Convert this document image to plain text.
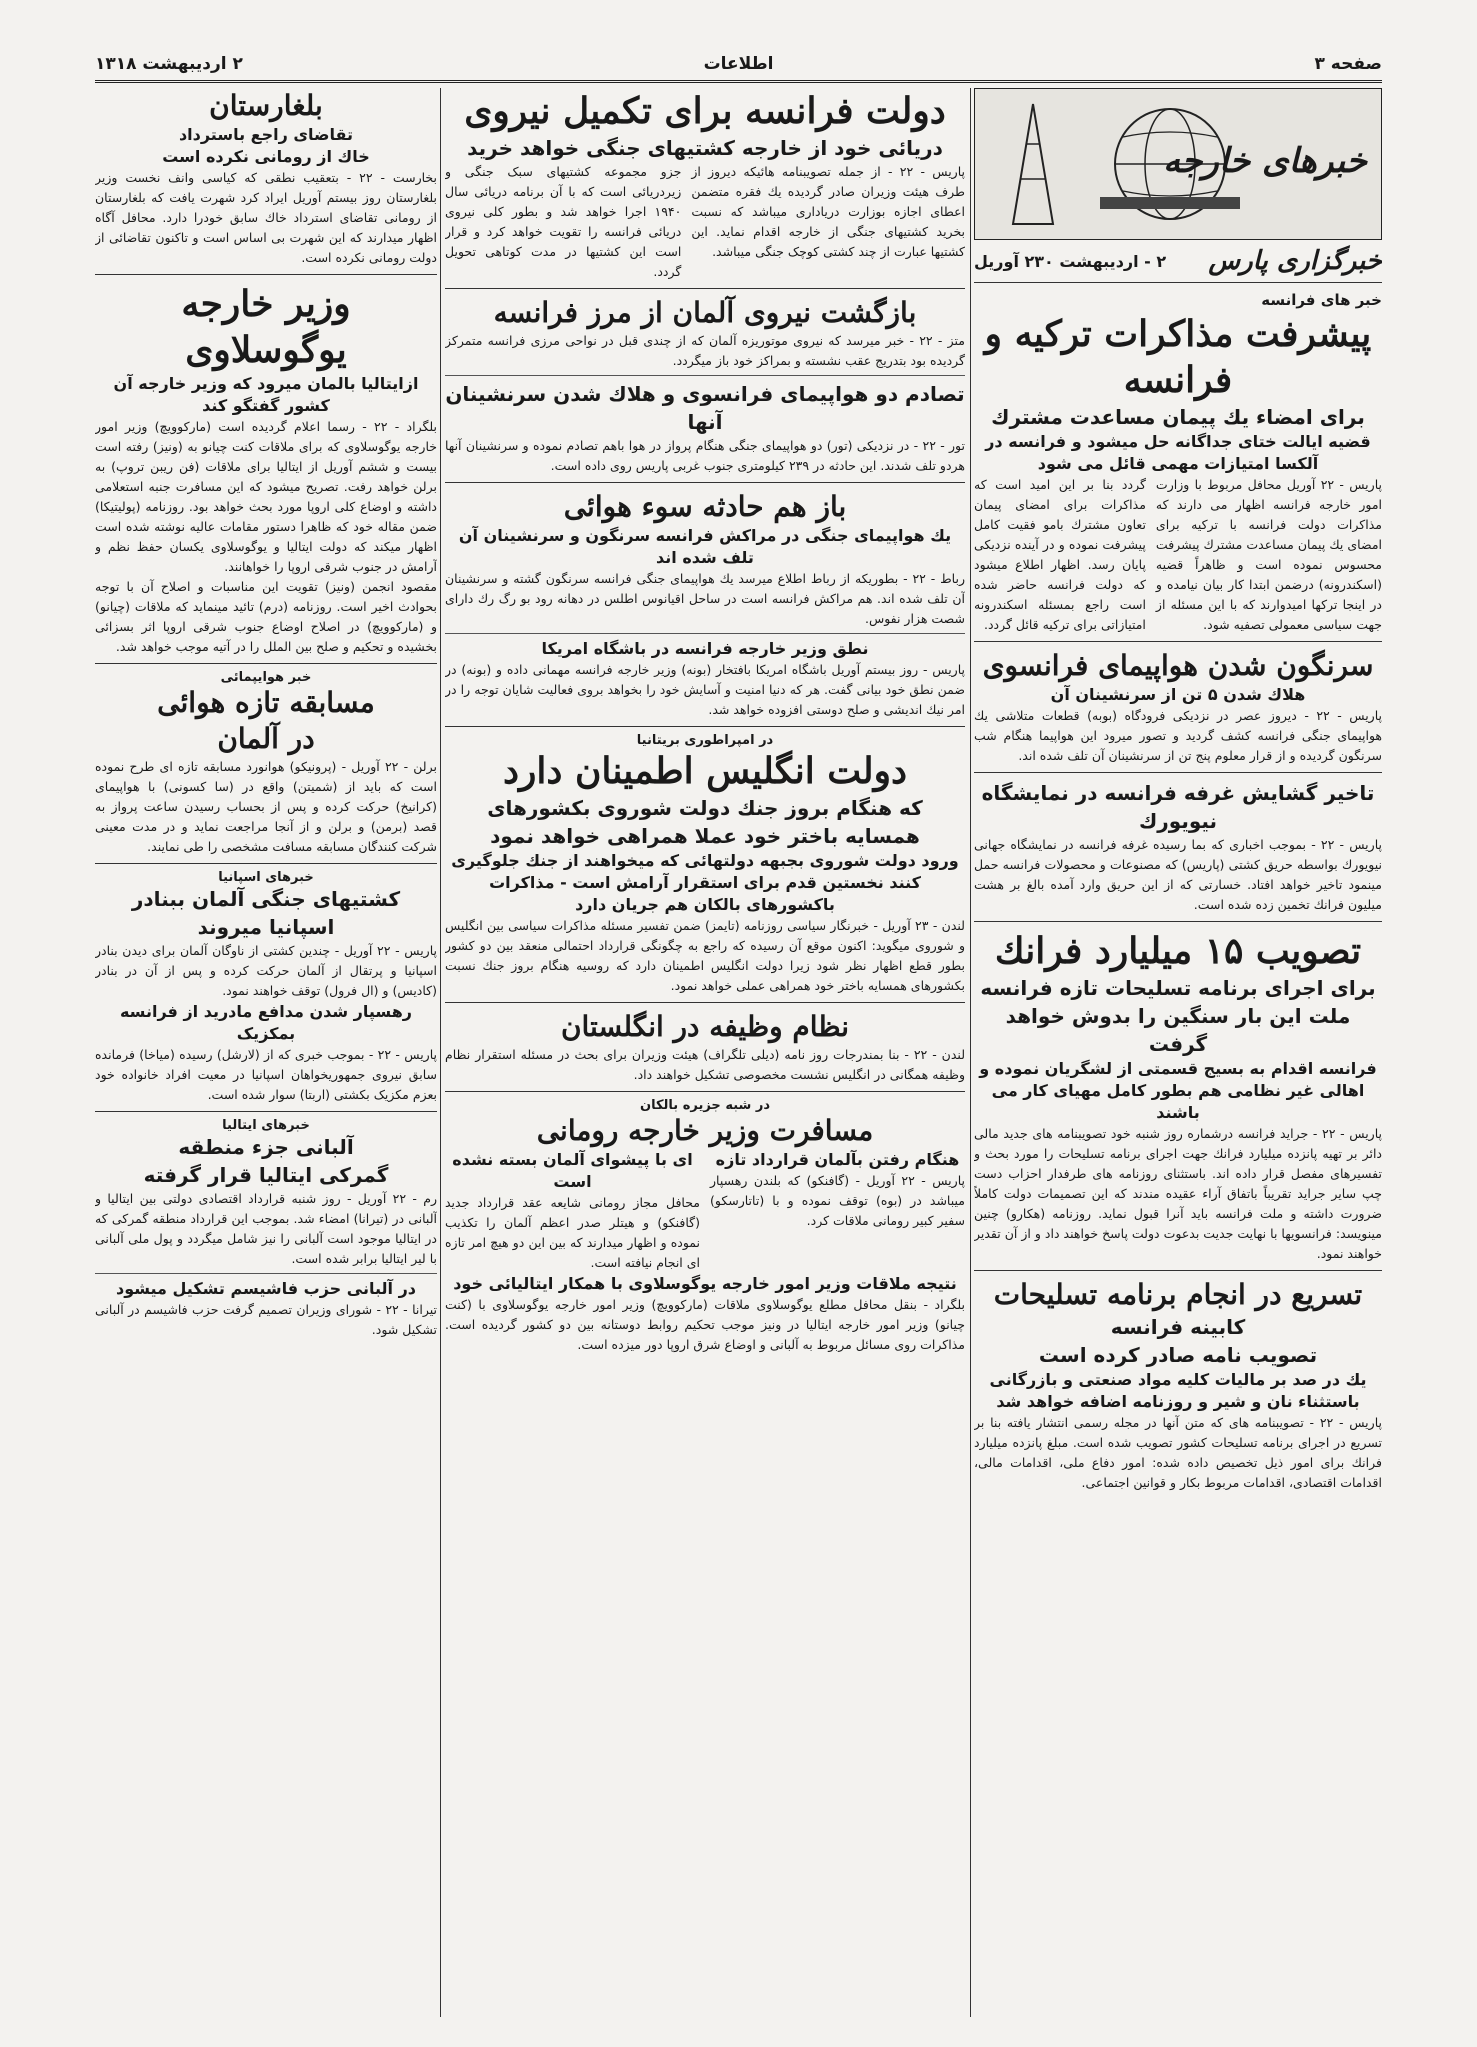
صفحه ۳
اطلاعات
۲ اردیبهشت ۱۳۱۸
خبرهای خارجه
خبرگزاری پارس
۲ - اردیبهشت ۲۳۰ آوریل
خبر های فرانسه
پیشرفت مذاکرات ترکیه و فرانسه
برای امضاء یك پیمان مساعدت مشترك
قضیه ایالت ختای جداگانه حل میشود و فرانسه در آلکسا امتیازات مهمی قائل می شود

پاریس - ۲۲ آوریل محافل مربوط با وزارت امور خارجه فرانسه اظهار می دارند که مذاکرات دولت فرانسه با ترکیه برای امضای یك پیمان مساعدت مشترك پیشرفت محسوس نموده است و ظاهراً قضیه (اسکندرونه) درضمن ابتدا کار بیان نیامده و در اینجا ترکها امیدوارند که با این مسئله از جهت سیاسی معمولی تصفیه شود.

گردد بنا بر این امید است که مذاکرات برای امضای پیمان تعاون مشترك بامو فقیت کامل پیشرفت نموده و در آینده نزدیکی پایان رسد. اظهار اطلاع میشود که دولت فرانسه حاضر شده است راجع بمسئله اسکندرونه امتیازاتی برای ترکیه قائل گردد.

سرنگون شدن هواپیمای فرانسوی
هلاك شدن ۵ تن از سرنشینان آن

پاریس - ۲۲ - دیروز عصر در نزدیکی فرودگاه (بوبه) قطعات متلاشی یك هواپیمای جنگی فرانسه کشف گردید و تصور میرود این هواپیما هنگام شب سرنگون گردیده و از قرار معلوم پنج تن از سرنشینان آن تلف شده اند.

تاخیر گشایش غرفه فرانسه در نمایشگاه نیویورك

پاریس - ۲۲ - بموجب اخباری که بما رسیده غرفه فرانسه در نمایشگاه جهانی نیویورك بواسطه حریق کشتی (پاریس) که مصنوعات و محصولات فرانسه حمل مینمود تاخیر خواهد افتاد. خسارتی که از این حریق وارد آمده بالغ بر هشت میلیون فرانك تخمین زده شده است.

تصویب ۱۵ میلیارد فرانك
برای اجرای برنامه تسلیحات تازه فرانسه
ملت این بار سنگین را بدوش خواهد گرفت
فرانسه اقدام به بسیج قسمتی از لشگریان نموده و اهالی غیر نظامی هم بطور کامل مهیای کار می باشند

پاریس - ۲۲ - جراید فرانسه درشماره روز شنبه خود تصویبنامه های جدید مالی دائر بر تهیه پانزده میلیارد فرانك جهت اجرای برنامه تسلیحات را مورد بحث و تفسیرهای مفصل قرار داده اند. باستثنای روزنامه های طرفدار احزاب دست چپ سایر جراید تقریباً باتفاق آراء عقیده مندند که این تصمیمات دولت کاملاً ضرورت داشته و ملت فرانسه باید آنرا قبول نماید. روزنامه (هکارو) چنین مینویسد: فرانسویها با نهایت جدیت بدعوت دولت پاسخ خواهند داد و از آن تقدیر خواهند نمود.

تسریع در انجام برنامه تسلیحات
کابینه فرانسه
تصویب نامه صادر کرده است
یك در صد بر مالیات کلیه مواد صنعتی و بازرگانی باستثناء نان و شیر و روزنامه اضافه خواهد شد

پاریس - ۲۲ - تصویبنامه های که متن آنها در مجله رسمی انتشار یافته بنا بر تسریع در اجرای برنامه تسلیحات کشور تصویب شده است. مبلغ پانزده میلیارد فرانك برای امور ذیل تخصیص داده شده: امور دفاع ملی، اقدامات مالی، اقدامات اقتصادی، اقدامات مربوط بکار و قوانین اجتماعی.

دولت فرانسه برای تکمیل نیروی
دریائی خود از خارجه کشتیهای جنگی خواهد خرید

پاریس - ۲۲ - از جمله تصویبنامه هائیکه دیروز از طرف هیئت وزیران صادر گردیده یك فقره متضمن اعطای اجازه بوزارت دریاداری میباشد که نسبت بخرید کشتیهای جنگی از خارجه اقدام نماید. این کشتیها عبارت از چند کشتی کوچک جنگی میباشد.

جزو مجموعه کشتیهای سبک جنگی و زیردریائی است که با آن برنامه دریائی سال ۱۹۴۰ اجرا خواهد شد و بطور کلی نیروی دریائی فرانسه را تقویت خواهد کرد و قرار است این کشتیها در مدت کوتاهی تحویل گردد.

بازگشت نیروی آلمان از مرز فرانسه

متز - ۲۲ - خبر میرسد که نیروی موتوریزه آلمان که از چندی قبل در نواحی مرزی فرانسه متمرکز گردیده بود بتدریج عقب نشسته و بمراکز خود باز میگردد.

تصادم دو هواپیمای فرانسوی و هلاك شدن سرنشینان آنها

تور - ۲۲ - در نزدیکی (تور) دو هواپیمای جنگی هنگام پرواز در هوا باهم تصادم نموده و سرنشینان آنها هردو تلف شدند. این حادثه در ۲۳۹ کیلومتری جنوب غربی پاریس روی داده است.

باز هم حادثه سوء هوائی
یك هواپیمای جنگی در مراکش فرانسه سرنگون و سرنشینان آن تلف شده اند

رباط - ۲۲ - بطوریکه از رباط اطلاع میرسد یك هواپیمای جنگی فرانسه سرنگون گشته و سرنشینان آن تلف شده اند. هم مراکش فرانسه است در ساحل اقیانوس اطلس در دهانه رود بو رگ رك دارای شصت هزار نفوس.

نطق وزیر خارجه فرانسه در باشگاه امریکا

پاریس - روز بیستم آوریل باشگاه امریکا بافتخار (بونه) وزیر خارجه فرانسه مهمانی داده و (بونه) در ضمن نطق خود بیانی گفت. هر که دنیا امنیت و آسایش خود را بخواهد بروی فعالیت شایان توجه را در امر نیك اندیشی و صلح دوستی افزوده خواهد شد.

در امپراطوری بریتانیا
دولت انگلیس اطمینان دارد
که هنگام بروز جنك دولت شوروی بکشورهای
همسایه باختر خود عملا همراهی خواهد نمود
ورود دولت شوروی بجبهه دولتهائی که میخواهند از جنك جلوگیری کنند نخستین قدم برای استقرار آرامش است - مذاکرات باکشورهای بالکان هم جریان دارد

لندن - ۲۳ آوریل - خبرنگار سیاسی روزنامه (تایمز) ضمن تفسیر مسئله مذاکرات سیاسی بین انگلیس و شوروی میگوید: اکنون موقع آن رسیده که راجع به چگونگی قرارداد احتمالی منعقد بین دو کشور بطور قطع اظهار نظر شود زیرا دولت انگلیس اطمینان دارد که روسیه هنگام بروز جنك نسبت بکشورهای همسایه باختر خود همراهی عملی خواهد نمود.

نظام وظیفه در انگلستان

لندن - ۲۲ - بنا بمندرجات روز نامه (دیلی تلگراف) هیئت وزیران برای بحث در مسئله استقرار نظام وظیفه همگانی در انگلیس نشست مخصوصی تشکیل خواهند داد.

در شبه جزیره بالکان
مسافرت وزیر خارجه رومانی
هنگام رفتن بآلمان قرارداد تازه

پاریس - ۲۲ آوریل - (گافنکو) که بلندن رهسپار میباشد در (بوه) توقف نموده و با (تاتارسکو) سفیر کبیر رومانی ملاقات کرد.

ای با پیشوای آلمان بسته نشده است

محافل مجاز رومانی شایعه عقد قرارداد جدید (گافنکو) و هیتلر صدر اعظم آلمان را تکذیب نموده و اظهار میدارند که بین این دو هیچ امر تازه ای انجام نیافته است.

نتیجه ملاقات وزیر امور خارجه یوگوسلاوی با همکار ایتالیائی خود

بلگراد - بنقل محافل مطلع یوگوسلاوی ملاقات (مارکوویچ) وزیر امور خارجه یوگوسلاوی با (کنت چیانو) وزیر امور خارجه ایتالیا در ونیز موجب تحکیم روابط دوستانه بین دو کشور گردیده است. مذاکرات روی مسائل مربوط به آلبانی و اوضاع شرق اروپا دور میزده است.

بلغارستان
تقاضای راجع باسترداد
خاك از رومانی نکرده است

بخارست - ۲۲ - بتعقیب نطقی که کیاسی وانف نخست وزیر بلغارستان روز بیستم آوریل ایراد کرد شهرت یافت که بلغارستان از رومانی تقاضای استرداد خاك سابق خودرا دارد. محافل آگاه اظهار میدارند که این شهرت بی اساس است و تاکنون تقاضائی از دولت رومانی نکرده است.

وزیر خارجه
یوگوسلاوی
ازایتالیا بالمان میرود که وزیر خارجه آن کشور گفتگو کند

بلگراد - ۲۲ - رسما اعلام گردیده است (مارکوویچ) وزیر امور خارجه یوگوسلاوی که برای ملاقات کنت چیانو به (ونیز) رفته است بیست و ششم آوریل از ایتالیا برای ملاقات (فن ریبن تروپ) به برلن خواهد رفت. تصریح میشود که این مسافرت جنبه استعلامی داشته و اوضاع کلی اروپا مورد بحث خواهد بود. روزنامه (پولیتیکا) ضمن مقاله خود که ظاهرا دستور مقامات عالیه نوشته شده است اظهار میکند که دولت ایتالیا و یوگوسلاوی یکسان حفظ نظم و آرامش در جنوب شرقی اروپا را خواهانند.

مقصود انجمن (ونیز) تقویت این مناسبات و اصلاح آن با توجه بحوادث اخیر است. روزنامه (درم) تائید مینماید که ملاقات (چیانو) و (مارکوویچ) در اصلاح اوضاع جنوب شرقی اروپا اثر بسزائی بخشیده و تحکیم و صلح بین الملل را در آتیه موجب خواهد شد.

خبر هوایپمائی
مسابقه تازه هوائی
در آلمان

برلن - ۲۲ آوریل - (پرونیکو) هوانورد مسابقه تازه ای طرح نموده است که باید از (شمیتن) واقع در (سا کسونی) با هواپیمای (کرانیخ) حرکت کرده و پس از بحساب رسیدن ساعت پرواز به قصد (برمن) و برلن و از آنجا مراجعت نماید و در مدت معینی شرکت کنندگان مسابقه مسافت مشخصی را طی نمایند.

خبرهای اسپانیا
کشتیهای جنگی آلمان ببنادر
اسپانیا میروند

پاریس - ۲۲ آوریل - چندین کشتی از ناوگان آلمان برای دیدن بنادر اسپانیا و پرتقال از آلمان حرکت کرده و پس از آن در بنادر (کادیس) و (ال فرول) توقف خواهند نمود.

رهسپار شدن مدافع مادرید از فرانسه بمکزیک

پاریس - ۲۲ - بموجب خبری که از (لارشل) رسیده (میاخا) فرمانده سابق نیروی جمهوریخواهان اسپانیا در معیت افراد خانواده خود بعزم مکزیک بکشتی (اربتا) سوار شده است.

خبرهای ایتالیا
آلبانی جزء منطقه
گمرکی ایتالیا قرار گرفته

رم - ۲۲ آوریل - روز شنبه قرارداد اقتصادی دولتی بین ایتالیا و آلبانی در (تیرانا) امضاء شد. بموجب این قرارداد منطقه گمرکی که در ایتالیا موجود است آلبانی را نیز شامل میگردد و پول ملی آلبانی با لیر ایتالیا برابر شده است.

در آلبانی حزب فاشیسم تشکیل میشود

تیرانا - ۲۲ - شورای وزیران تصمیم گرفت حزب فاشیسم در آلبانی تشکیل شود.
